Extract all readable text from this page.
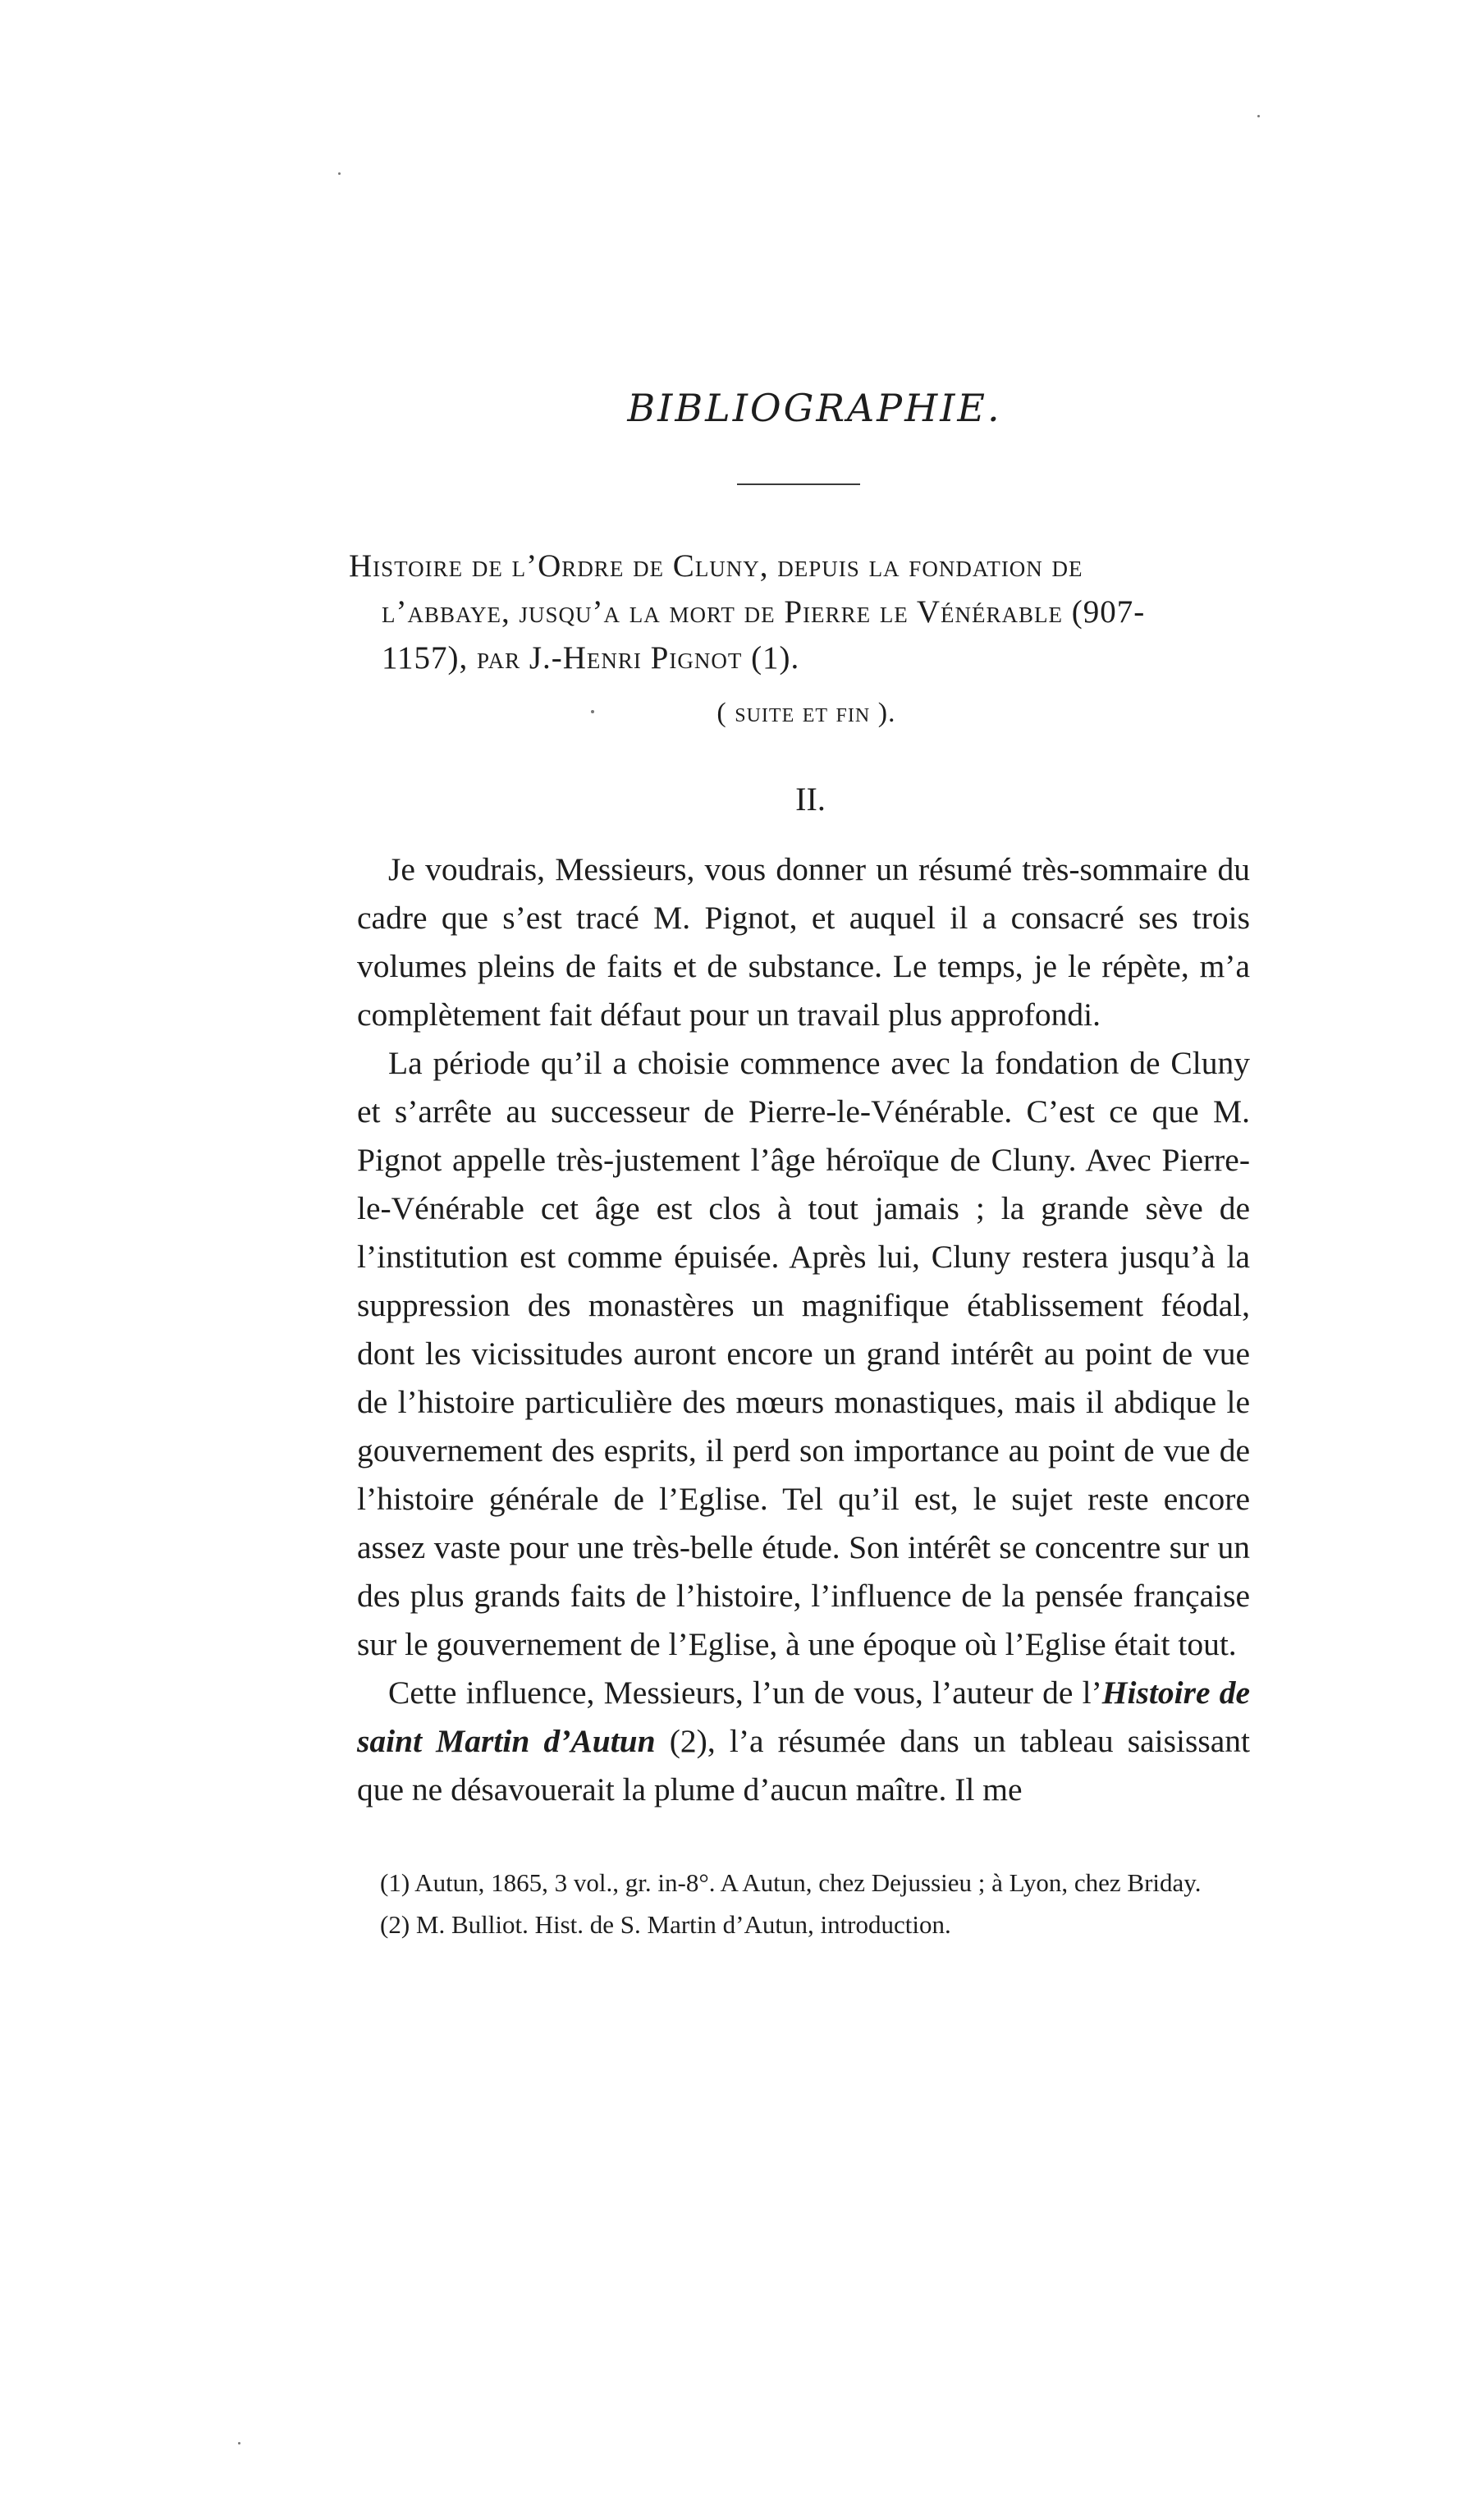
BIBLIOGRAPHIE.
Histoire de l’Ordre de Cluny, depuis la fondation de
l’abbaye, jusqu’a la mort de Pierre le Vénérable (907-
1157), par J.-Henri Pignot (1).
( suite et fin ).
II.

Je voudrais, Messieurs, vous donner un résumé très-sommaire du cadre que s’est tracé M. Pignot, et auquel il a consacré ses trois volumes pleins de faits et de substance. Le temps, je le répète, m’a complètement fait défaut pour un travail plus approfondi.

La période qu’il a choisie commence avec la fondation de Cluny et s’arrête au successeur de Pierre-le-Vénérable. C’est ce que M. Pignot appelle très-justement l’âge héroïque de Cluny. Avec Pierre-le-Vénérable cet âge est clos à tout jamais ; la grande sève de l’institution est comme épuisée. Après lui, Cluny restera jusqu’à la suppression des monastères un magnifique établissement féodal, dont les vicissitudes auront encore un grand intérêt au point de vue de l’histoire particulière des mœurs monastiques, mais il abdique le gouvernement des esprits, il perd son importance au point de vue de l’histoire générale de l’Eglise. Tel qu’il est, le sujet reste encore assez vaste pour une très-belle étude. Son intérêt se concentre sur un des plus grands faits de l’histoire, l’influence de la pensée française sur le gouvernement de l’Eglise, à une époque où l’Eglise était tout.

Cette influence, Messieurs, l’un de vous, l’auteur de l’Histoire de saint Martin d’Autun (2), l’a résumée dans un tableau saisissant que ne désavouerait la plume d’aucun maître. Il me

(1) Autun, 1865, 3 vol., gr. in-8°. A Autun, chez Dejussieu ; à Lyon, chez Briday.

(2) M. Bulliot. Hist. de S. Martin d’Autun, introduction.
